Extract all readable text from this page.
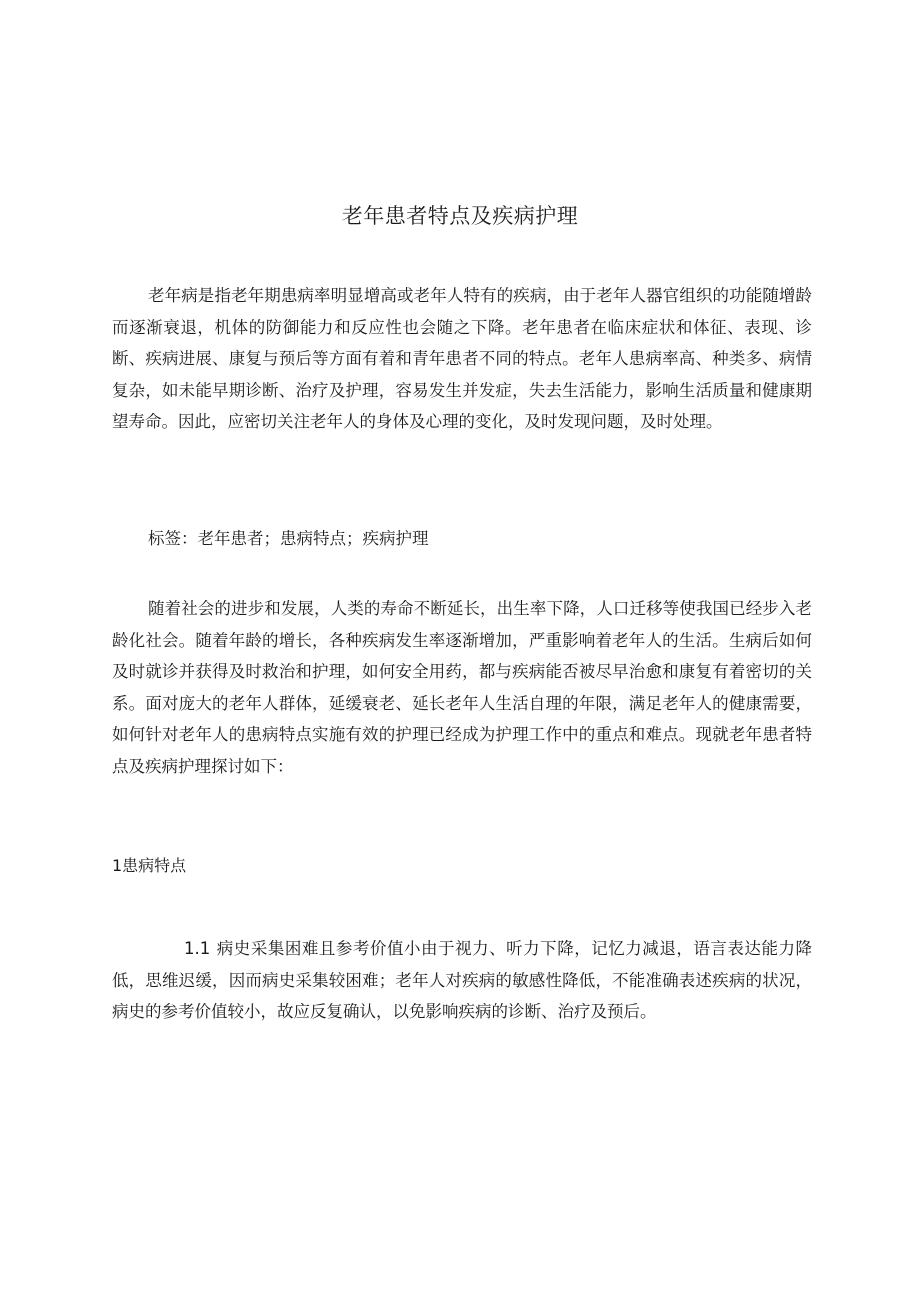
老年患者特点及疾病护理

老年病是指老年期患病率明显增高或老年人特有的疾病，由于老年人器官组织的功能随增龄而逐渐衰退，机体的防御能力和反应性也会随之下降。老年患者在临床症状和体征、表现、诊断、疾病进展、康复与预后等方面有着和青年患者不同的特点。老年人患病率高、种类多、病情复杂，如未能早期诊断、治疗及护理，容易发生并发症，失去生活能力，影响生活质量和健康期望寿命。因此，应密切关注老年人的身体及心理的变化，及时发现问题，及时处理。

标签：老年患者；患病特点；疾病护理

随着社会的进步和发展，人类的寿命不断延长，出生率下降，人口迁移等使我国已经步入老龄化社会。随着年龄的增长，各种疾病发生率逐渐增加，严重影响着老年人的生活。生病后如何及时就诊并获得及时救治和护理，如何安全用药，都与疾病能否被尽早治愈和康复有着密切的关系。面对庞大的老年人群体，延缓衰老、延长老年人生活自理的年限，满足老年人的健康需要，如何针对老年人的患病特点实施有效的护理已经成为护理工作中的重点和难点。现就老年患者特点及疾病护理探讨如下：

1患病特点

1.1 病史采集困难且参考价值小由于视力、听力下降，记忆力减退，语言表达能力降低，思维迟缓，因而病史采集较困难；老年人对疾病的敏感性降低，不能准确表述疾病的状况，病史的参考价值较小，故应反复确认，以免影响疾病的诊断、治疗及预后。
